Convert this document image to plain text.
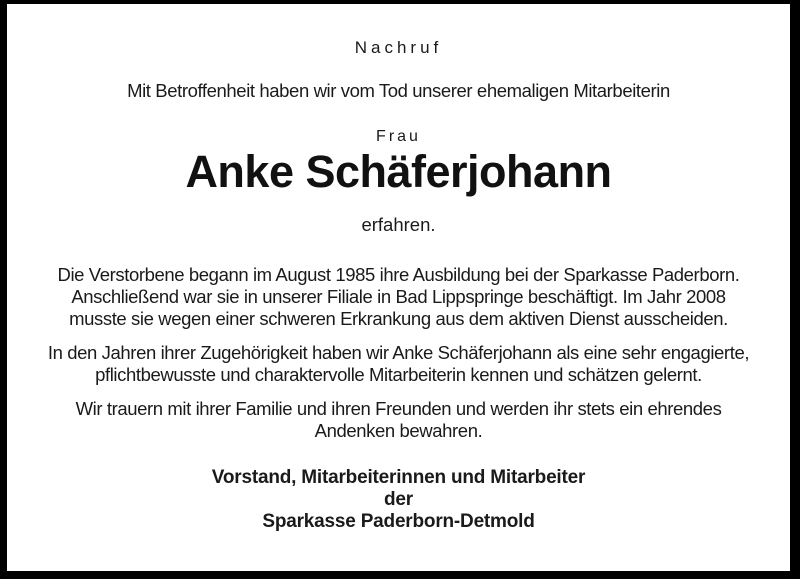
Nachruf
Mit Betroffenheit haben wir vom Tod unserer ehemaligen Mitarbeiterin
Frau
Anke Schäferjohann
erfahren.
Die Verstorbene begann im August 1985 ihre Ausbildung bei der Sparkasse Paderborn.
Anschließend war sie in unserer Filiale in Bad Lippspringe beschäftigt. Im Jahr 2008
musste sie wegen einer schweren Erkrankung aus dem aktiven Dienst ausscheiden.
In den Jahren ihrer Zugehörigkeit haben wir Anke Schäferjohann als eine sehr engagierte,
pflichtbewusste und charaktervolle Mitarbeiterin kennen und schätzen gelernt.
Wir trauern mit ihrer Familie und ihren Freunden und werden ihr stets ein ehrendes
Andenken bewahren.
Vorstand, Mitarbeiterinnen und Mitarbeiter
der
Sparkasse Paderborn-Detmold
